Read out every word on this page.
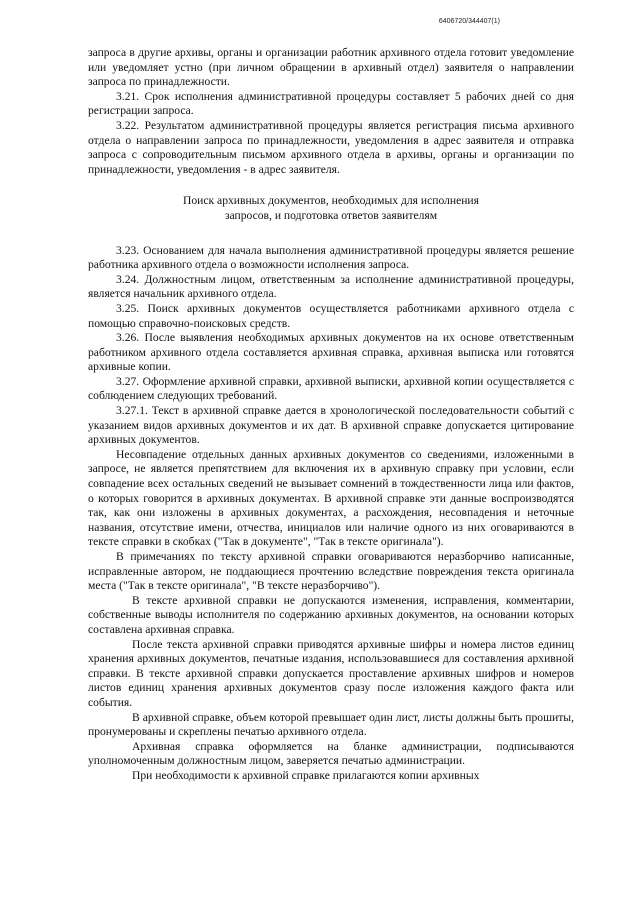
6406720/344407(1)

запроса в другие архивы, органы и организации работник архивного отдела готовит уведомление или уведомляет устно (при личном обращении в архивный отдел) заявителя о направлении запроса по принадлежности.

3.21. Срок исполнения административной процедуры составляет 5 рабочих дней со дня регистрации запроса.

3.22. Результатом административной процедуры является регистрация письма архивного отдела о направлении запроса по принадлежности, уведомления в адрес заявителя и отправка запроса с сопроводительным письмом архивного отдела в архивы, органы и организации по принадлежности, уведомления - в адрес заявителя.

Поиск архивных документов, необходимых для исполнения
запросов, и подготовка ответов заявителям

3.23. Основанием для начала выполнения административной процедуры является решение работника архивного отдела о возможности исполнения запроса.

3.24. Должностным лицом, ответственным за исполнение административной процедуры, является начальник архивного отдела.

3.25. Поиск архивных документов осуществляется работниками архивного отдела с помощью справочно-поисковых средств.

3.26. После выявления необходимых архивных документов на их основе ответственным работником архивного отдела составляется архивная справка, архивная выписка или готовятся архивные копии.

3.27. Оформление архивной справки, архивной выписки, архивной копии осуществляется с соблюдением следующих требований.

3.27.1. Текст в архивной справке дается в хронологической последовательности событий с указанием видов архивных документов и их дат. В архивной справке допускается цитирование архивных документов.

Несовпадение отдельных данных архивных документов со сведениями, изложенными в запросе, не является препятствием для включения их в архивную справку при условии, если совпадение всех остальных сведений не вызывает сомнений в тождественности лица или фактов, о которых говорится в архивных документах. В архивной справке эти данные воспроизводятся так, как они изложены в архивных документах, а расхождения, несовпадения и неточные названия, отсутствие имени, отчества, инициалов или наличие одного из них оговариваются в тексте справки в скобках ("Так в документе", "Так в тексте оригинала").

В примечаниях по тексту архивной справки оговариваются неразборчиво написанные, исправленные автором, не поддающиеся прочтению вследствие повреждения текста оригинала места ("Так в тексте оригинала", "В тексте неразборчиво").

В тексте архивной справки не допускаются изменения, исправления, комментарии, собственные выводы исполнителя по содержанию архивных документов, на основании которых составлена архивная справка.

После текста архивной справки приводятся архивные шифры и номера листов единиц хранения архивных документов, печатные издания, использовавшиеся для составления архивной справки. В тексте архивной справки допускается проставление архивных шифров и номеров листов единиц хранения архивных документов сразу после изложения каждого факта или события.

В архивной справке, объем которой превышает один лист, листы должны быть прошиты, пронумерованы и скреплены печатью архивного отдела.

Архивная справка оформляется на бланке администрации, подписываются уполномоченным должностным лицом, заверяется печатью администрации.

При необходимости к архивной справке прилагаются копии архивных
